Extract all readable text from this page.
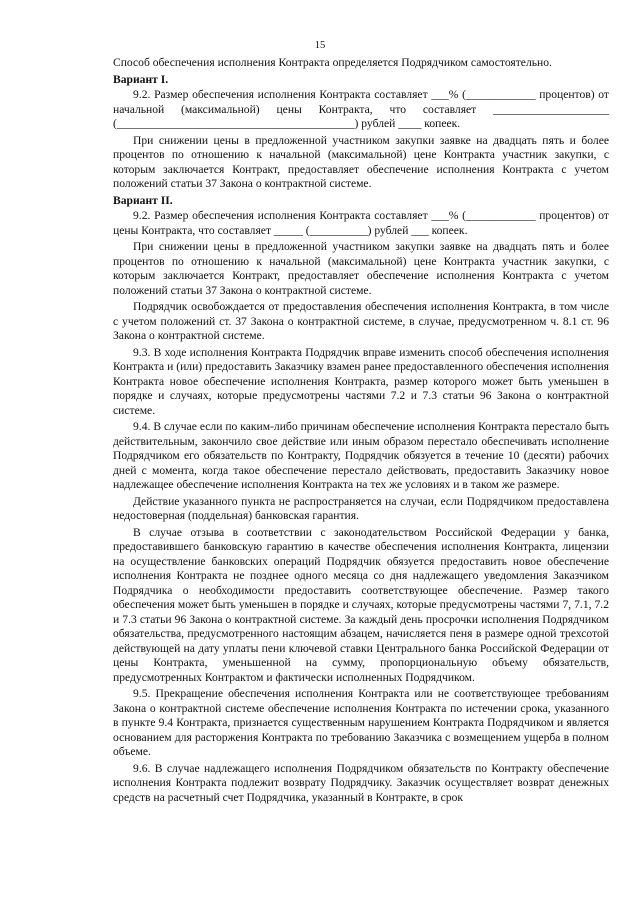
15

Способ обеспечения исполнения Контракта определяется Подрядчиком самостоятельно.

Вариант I.

9.2. Размер обеспечения исполнения Контракта составляет ___% (____________ процентов) от начальной (максимальной) цены Контракта, что составляет ____________________ (_________________________________________) рублей ____ копеек.

При снижении цены в предложенной участником закупки заявке на двадцать пять и более процентов по отношению к начальной (максимальной) цене Контракта участник закупки, с которым заключается Контракт, предоставляет обеспечение исполнения Контракта с учетом положений статьи 37 Закона о контрактной системе.

Вариант II.

9.2. Размер обеспечения исполнения Контракта составляет ___% (____________ процентов) от цены Контракта, что составляет _____ (__________) рублей ___ копеек.

При снижении цены в предложенной участником закупки заявке на двадцать пять и более процентов по отношению к начальной (максимальной) цене Контракта участник закупки, с которым заключается Контракт, предоставляет обеспечение исполнения Контракта с учетом положений статьи 37 Закона о контрактной системе.

Подрядчик освобождается от предоставления обеспечения исполнения Контракта, в том числе с учетом положений ст. 37 Закона о контрактной системе, в случае, предусмотренном ч. 8.1 ст. 96 Закона о контрактной системе.

9.3. В ходе исполнения Контракта Подрядчик вправе изменить способ обеспечения исполнения Контракта и (или) предоставить Заказчику взамен ранее предоставленного обеспечения исполнения Контракта новое обеспечение исполнения Контракта, размер которого может быть уменьшен в порядке и случаях, которые предусмотрены частями 7.2 и 7.3 статьи 96 Закона о контрактной системе.

9.4. В случае если по каким-либо причинам обеспечение исполнения Контракта перестало быть действительным, закончило свое действие или иным образом перестало обеспечивать исполнение Подрядчиком его обязательств по Контракту, Подрядчик обязуется в течение 10 (десяти) рабочих дней с момента, когда такое обеспечение перестало действовать, предоставить Заказчику новое надлежащее обеспечение исполнения Контракта на тех же условиях и в таком же размере.

Действие указанного пункта не распространяется на случаи, если Подрядчиком предоставлена недостоверная (поддельная) банковская гарантия.

В случае отзыва в соответствии с законодательством Российской Федерации у банка, предоставившего банковскую гарантию в качестве обеспечения исполнения Контракта, лицензии на осуществление банковских операций Подрядчик обязуется предоставить новое обеспечение исполнения Контракта не позднее одного месяца со дня надлежащего уведомления Заказчиком Подрядчика о необходимости предоставить соответствующее обеспечение. Размер такого обеспечения может быть уменьшен в порядке и случаях, которые предусмотрены частями 7, 7.1, 7.2 и 7.3 статьи 96 Закона о контрактной системе. За каждый день просрочки исполнения Подрядчиком обязательства, предусмотренного настоящим абзацем, начисляется пеня в размере одной трехсотой действующей на дату уплаты пени ключевой ставки Центрального банка Российской Федерации от цены Контракта, уменьшенной на сумму, пропорциональную объему обязательств, предусмотренных Контрактом и фактически исполненных Подрядчиком.

9.5. Прекращение обеспечения исполнения Контракта или не соответствующее требованиям Закона о контрактной системе обеспечение исполнения Контракта по истечении срока, указанного в пункте 9.4 Контракта, признается существенным нарушением Контракта Подрядчиком и является основанием для расторжения Контракта по требованию Заказчика с возмещением ущерба в полном объеме.

9.6. В случае надлежащего исполнения Подрядчиком обязательств по Контракту обеспечение исполнения Контракта подлежит возврату Подрядчику. Заказчик осуществляет возврат денежных средств на расчетный счет Подрядчика, указанный в Контракте, в срок
